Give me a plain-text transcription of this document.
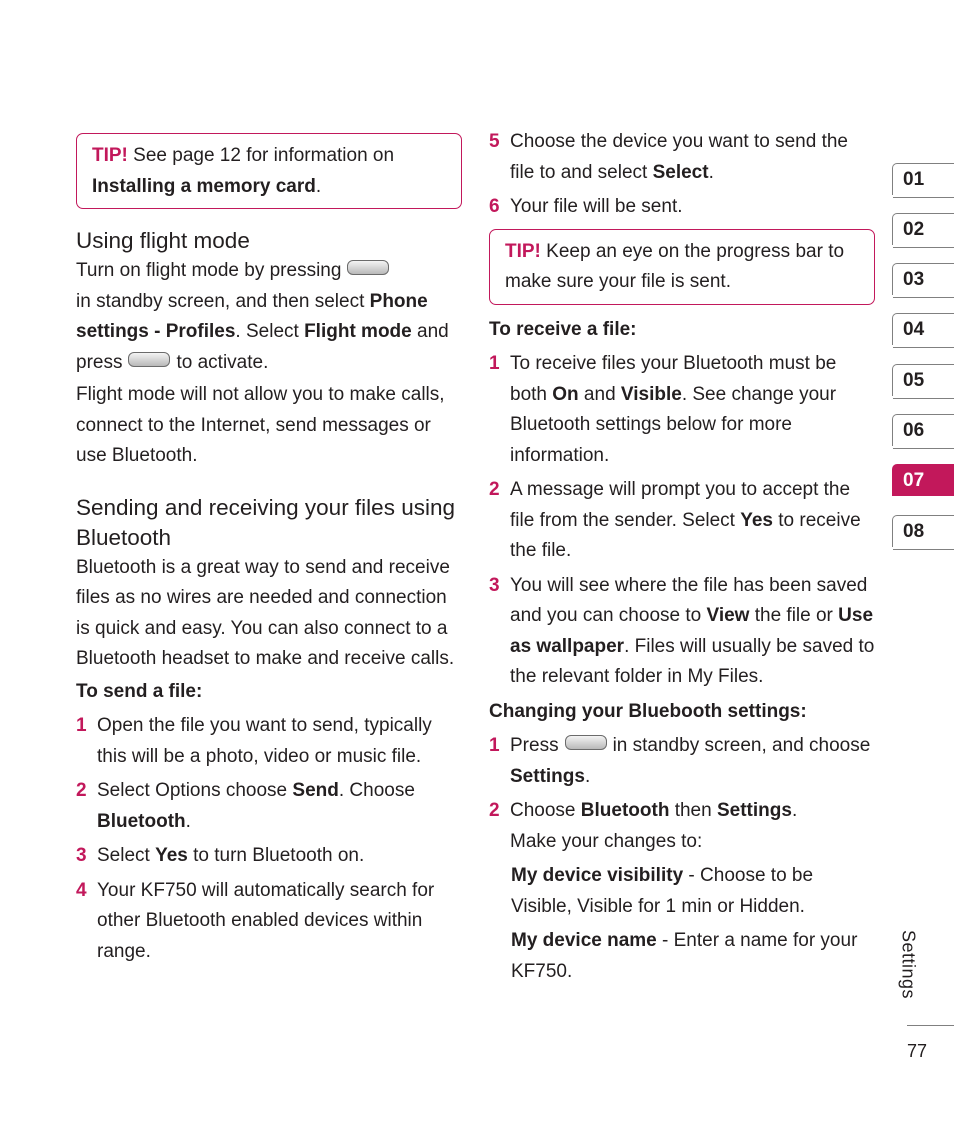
TIP! See page 12 for information on Installing a memory card.
Using flight mode

Turn on flight mode by pressing
in standby screen, and then select Phone settings - Profiles. Select Flight mode and press	to activate.

Flight mode will not allow you to make calls, connect to the Internet, send messages or use Bluetooth.

Sending and receiving your files using Bluetooth

Bluetooth is a great way to send and receive files as no wires are needed and connection is quick and easy. You can also connect to a Bluetooth headset to make and receive calls.

To send a file:

1 Open the file you want to send, typically this will be a photo, video or music file.
2 Select Options choose Send. Choose
Bluetooth.
3 Select Yes to turn Bluetooth on.
4 Your KF750 will automatically search for other Bluetooth enabled devices within range.
5 Choose the device you want to send the file to and select Select.
6 Your file will be sent.
TIP! Keep an eye on the progress bar to make sure your file is sent.

To receive a file:

1 To receive files your Bluetooth must be both On and Visible. See change your Bluetooth settings below for more information.
2 A message will prompt you to accept the file from the sender. Select Yes to receive the file.
3 You will see where the file has been saved and you can choose to View the file or Use as wallpaper. Files will usually be saved to the relevant folder in My Files.

Changing your Bluebooth settings:

1 Press	in standby screen, and choose Settings.
2 Choose Bluetooth then Settings.
Make your changes to:

My device visibility - Choose to be Visible, Visible for 1 min or Hidden.

My device name - Enter a name for your KF750.

01
02
03
04
05
06
07
08
Settings
77
